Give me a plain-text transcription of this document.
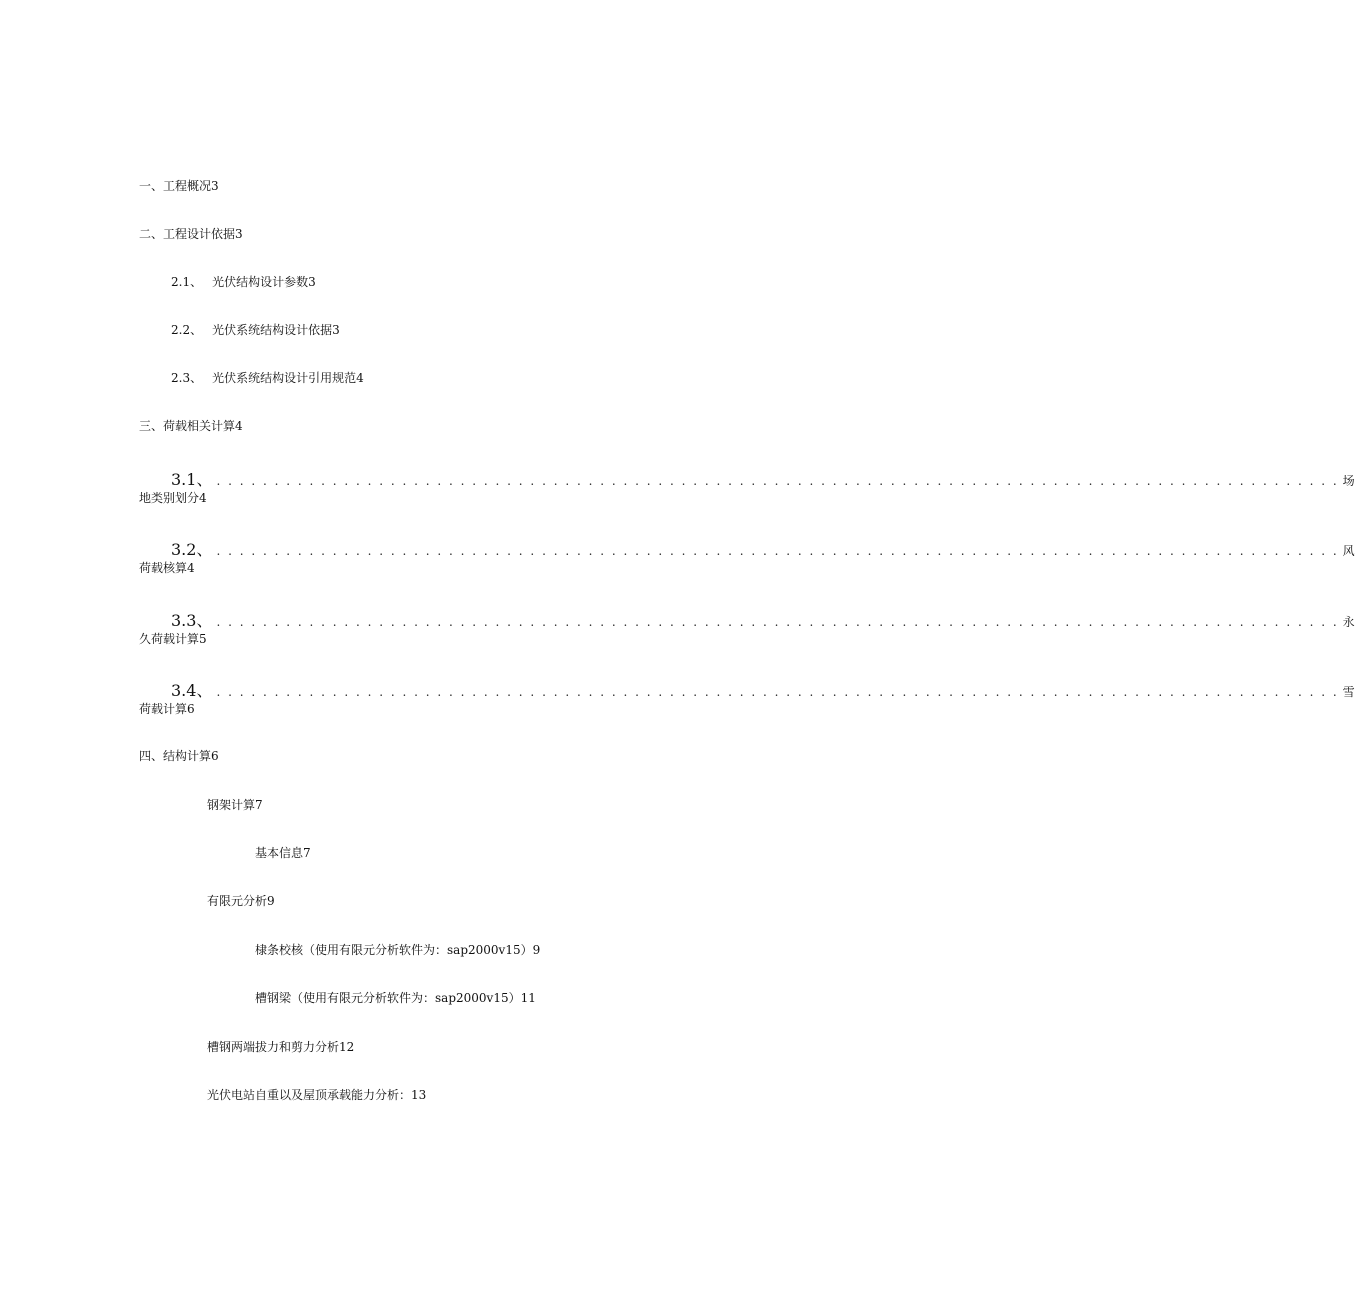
一、工程概况3
二、工程设计依据3
2.1、 光伏结构设计参数3
2.2、 光伏系统结构设计依据3
2.3、 光伏系统结构设计引用规范4
三、荷载相关计算4
3.1、 . . . . . . . . . . . . . . . . . . . . . . . . . . . . . . . . . . . . . . . . . . . . . . . . . . . . . . . . . . . . . . . . . . . . . . . . . . . . . . . . . . . . . . . . . . . . . . . . . 场
地类别划分4
3.2、 . . . . . . . . . . . . . . . . . . . . . . . . . . . . . . . . . . . . . . . . . . . . . . . . . . . . . . . . . . . . . . . . . . . . . . . . . . . . . . . . . . . . . . . . . . . . . . . . . 风
荷载核算4
3.3、 . . . . . . . . . . . . . . . . . . . . . . . . . . . . . . . . . . . . . . . . . . . . . . . . . . . . . . . . . . . . . . . . . . . . . . . . . . . . . . . . . . . . . . . . . . . . . . . . . 永
久荷载计算5
3.4、 . . . . . . . . . . . . . . . . . . . . . . . . . . . . . . . . . . . . . . . . . . . . . . . . . . . . . . . . . . . . . . . . . . . . . . . . . . . . . . . . . . . . . . . . . . . . . . . . . 雪
荷载计算6
四、结构计算6
钢架计算7
基本信息7
有限元分析9
棣条校核（使用有限元分析软件为：sap2000v15）9
槽钢梁（使用有限元分析软件为：sap2000v15）11
槽钢两端拔力和剪力分析12
光伏电站自重以及屋顶承载能力分析：13
